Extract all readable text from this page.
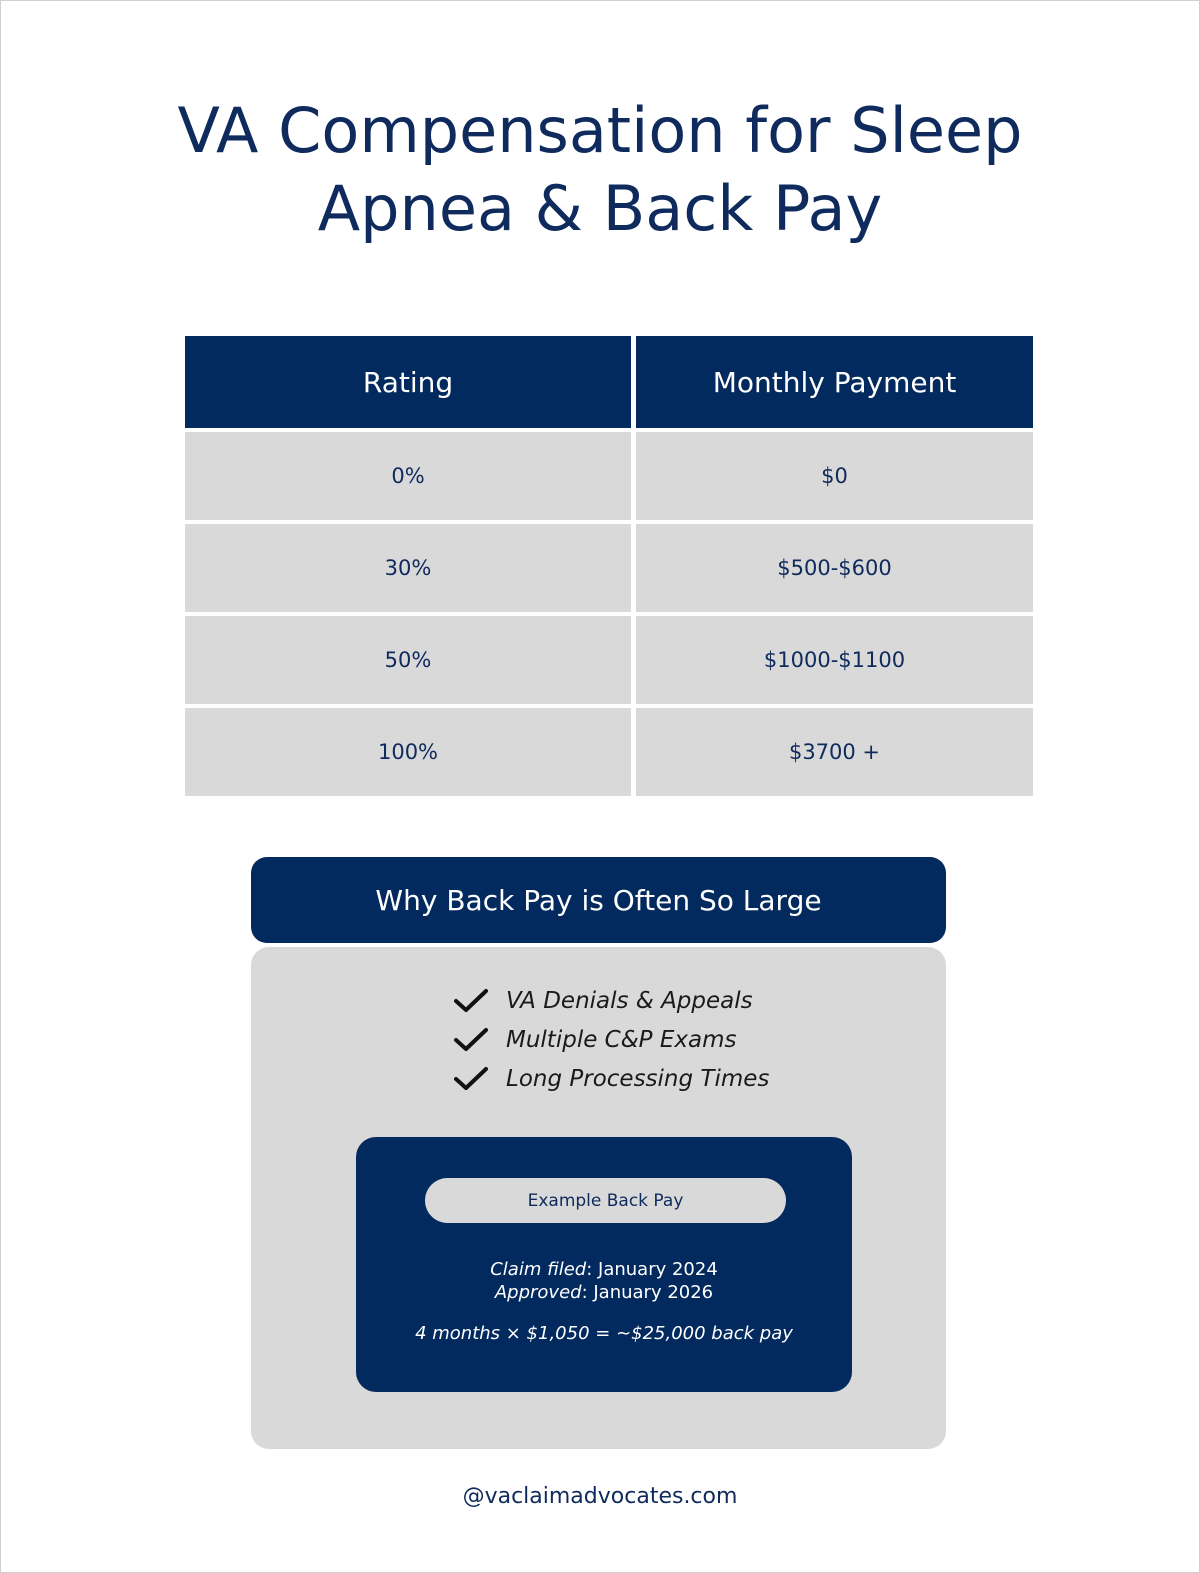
VA Compensation for Sleep Apnea & Back Pay
Rating	Monthly Payment
0%	$0
30%	$500-$600
50%	$1000-$1100
100%	$3700 +
Why Back Pay is Often So Large
VA Denials & Appeals
Multiple C&P Exams
Long Processing Times
Example Back Pay
Claim filed: January 2024
Approved: January 2026
4 months × $1,050 = ~$25,000 back pay
@vaclaimadvocates.com
